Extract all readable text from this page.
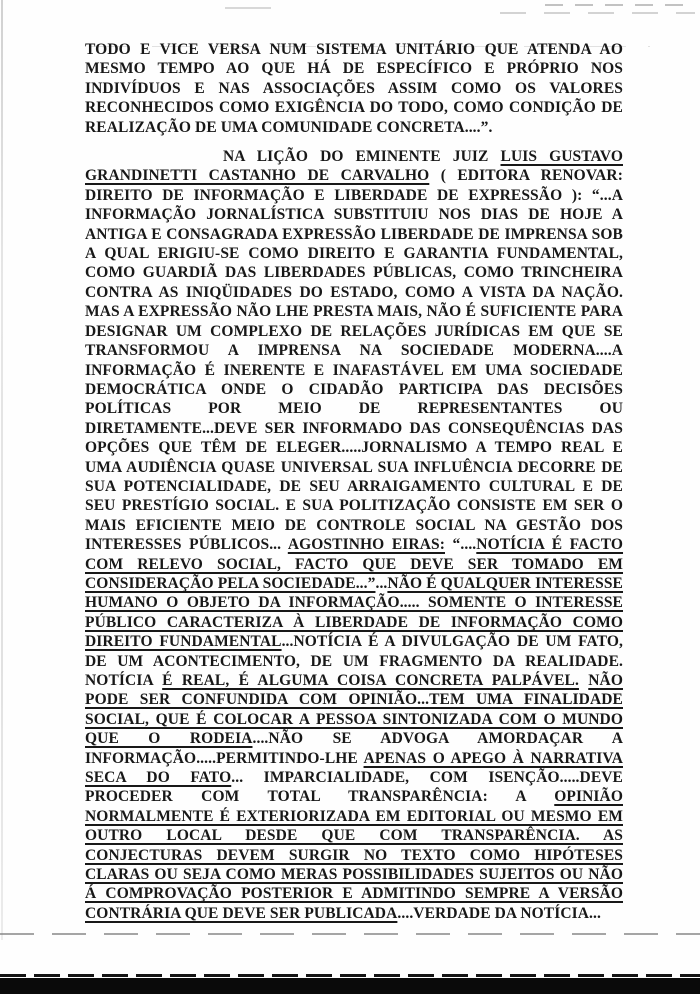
TODO E VICE VERSA NUM SISTEMA UNITÁRIO QUE ATENDA AO MESMO TEMPO AO QUE HÁ DE ESPECÍFICO E PRÓPRIO NOS INDIVÍDUOS E NAS ASSOCIAÇÕES ASSIM COMO OS VALORES RECONHECIDOS COMO EXIGÊNCIA DO TODO, COMO CONDIÇÃO DE REALIZAÇÃO DE UMA COMUNIDADE CONCRETA....”.

NA LIÇÃO DO EMINENTE JUIZ LUIS GUSTAVO GRANDINETTI CASTANHO DE CARVALHO ( EDITORA RENOVAR: DIREITO DE INFORMAÇÃO E LIBERDADE DE EXPRESSÃO ): “...A INFORMAÇÃO JORNALÍSTICA SUBSTITUIU NOS DIAS DE HOJE A ANTIGA E CONSAGRADA EXPRESSÃO LIBERDADE DE IMPRENSA SOB A QUAL ERIGIU-SE COMO DIREITO E GARANTIA FUNDAMENTAL, COMO GUARDIÃ DAS LIBERDADES PÚBLICAS, COMO TRINCHEIRA CONTRA AS INIQÜIDADES DO ESTADO, COMO A VISTA DA NAÇÃO. MAS A EXPRESSÃO NÃO LHE PRESTA MAIS, NÃO É SUFICIENTE PARA DESIGNAR UM COMPLEXO DE RELAÇÕES JURÍDICAS EM QUE SE TRANSFORMOU A IMPRENSA NA SOCIEDADE MODERNA....A INFORMAÇÃO É INERENTE E INAFASTÁVEL EM UMA SOCIEDADE DEMOCRÁTICA ONDE O CIDADÃO PARTICIPA DAS DECISÕES POLÍTICAS POR MEIO DE REPRESENTANTES OU DIRETAMENTE...DEVE SER INFORMADO DAS CONSEQUÊNCIAS DAS OPÇÕES QUE TÊM DE ELEGER.....JORNALISMO A TEMPO REAL E UMA AUDIÊNCIA QUASE UNIVERSAL SUA INFLUÊNCIA DECORRE DE SUA POTENCIALIDADE, DE SEU ARRAIGAMENTO CULTURAL E DE SEU PRESTÍGIO SOCIAL. E SUA POLITIZAÇÃO CONSISTE EM SER O MAIS EFICIENTE MEIO DE CONTROLE SOCIAL NA GESTÃO DOS INTERESSES PÚBLICOS... AGOSTINHO EIRAS: “....NOTÍCIA É FACTO COM RELEVO SOCIAL, FACTO QUE DEVE SER TOMADO EM CONSIDERAÇÃO PELA SOCIEDADE...”...NÃO É QUALQUER INTERESSE HUMANO O OBJETO DA INFORMAÇÃO..... SOMENTE O INTERESSE PÚBLICO CARACTERIZA À LIBERDADE DE INFORMAÇÃO COMO DIREITO FUNDAMENTAL...NOTÍCIA É A DIVULGAÇÃO DE UM FATO, DE UM ACONTECIMENTO, DE UM FRAGMENTO DA REALIDADE. NOTÍCIA É REAL, É ALGUMA COISA CONCRETA PALPÁVEL. NÃO PODE SER CONFUNDIDA COM OPINIÃO...TEM UMA FINALIDADE SOCIAL, QUE É COLOCAR A PESSOA SINTONIZADA COM O MUNDO QUE O RODEIA....NÃO SE ADVOGA AMORDAÇAR A INFORMAÇÃO.....PERMITINDO-LHE APENAS O APEGO À NARRATIVA SECA DO FATO... IMPARCIALIDADE, COM ISENÇÃO.....DEVE PROCEDER COM TOTAL TRANSPARÊNCIA: A OPINIÃO NORMALMENTE É EXTERIORIZADA EM EDITORIAL OU MESMO EM OUTRO LOCAL DESDE QUE COM TRANSPARÊNCIA. AS CONJECTURAS DEVEM SURGIR NO TEXTO COMO HIPÓTESES CLARAS OU SEJA COMO MERAS POSSIBILIDADES SUJEITOS OU NÃO Á COMPROVAÇÃO POSTERIOR E ADMITINDO SEMPRE A VERSÃO CONTRÁRIA QUE DEVE SER PUBLICADA....VERDADE DA NOTÍCIA...
